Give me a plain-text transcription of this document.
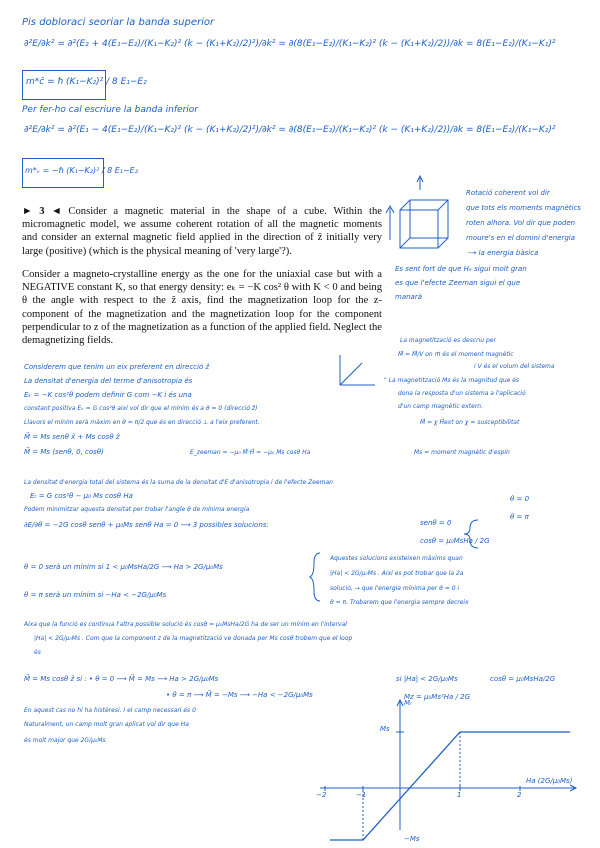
Pis dobloraci seoriar la banda superior
∂²E/∂k² = ∂²(E₂ + 4(E₁−E₂)/(K₁−K₂)² (k − (K₁+K₂)/2)²)/∂k² = ∂(8(E₁−E₂)/(K₁−K₂)² (k − (K₁+K₂)/2))/∂k = 8(E₁−E₂)/(K₁−K₁)²
m*ĉ = ℏ (K₁−K₂)² / 8 E₁−E₂
Per fer-ho cal escriure la banda inferior
∂²E/∂k² = ∂²(E₁ − 4(E₁−E₂)/(K₁−K₂)² (k − (K₁+K₂)/2)²)/∂k² = ∂(8(E₁−E₂)/(K₁−K₂)² (k − (K₁+K₂)/2))/∂k = 8(E₁−E₂)/(K₁−K₂)²
m*ᵥ = −ℏ (K₁−K₂)² / 8 E₁−E₂
► 3 ◄ Consider a magnetic material in the shape of a cube. Within the micromagnetic model, we assume coherent rotation of all the magnetic moments and consider an external magnetic field applied in the direction of ẑ initially very large (positive) (which is the physical meaning of 'very large'?).
Consider a magneto-crystalline energy as the one for the uniaxial case but with a NEGATIVE constant K, so that energy density: eₖ = −K cos² θ with K < 0 and being θ the angle with respect to the ẑ axis, find the magnetization loop for the z-component of the magnetization and the magnetization loop for the component perpendicular to z of the magnetization as a function of the applied field. Neglect the demagnetizing fields.
Rotació coherent vol dir
que tots els moments magnètics
roten alhora. Vol dir que poden
moure's en el domini d'energia
-→ la energia bàsica
Es sent fort de que Hₑ sigui molt gran
es que l'efecte Zeeman sigui el que
manarà
La magnetització es descriu per
M⃗ = M⃗/V on m⃗ és el moment magnètic
i V és el volum del sistema
" La magnetització Ms és la magnitud que és
dona la resposta d'un sistema a l'aplicació
d'un camp magnètic extern.
Considerem que tenim un eix preferent en direcció ẑ
La densitat d'energia del terme d'anisotropia és
Eₖ = −K cos²θ podem definir G com −K i és una
constant positiva Eₖ = G cos²θ així vol dir que el mínim és a θ = 0 (direcció ẑ)
Llavors el mínim serà màxim en θ = π/2 que és en direcció ⊥ a l'eix preferent.	M⃗ = χ H⃗ext on χ = susceptibilitat
M⃗ = Ms senθ x̂ + Ms cosθ ẑ
M⃗ = Ms (senθ, 0, cosθ)	E_zeeman = −μ₀ M⃗·H⃗ = −μ₀ Ms cosθ Ha	Ms = moment magnètic d'espín
La densitat d'energia total del sistema és la suma de la densitat d'E d'anisotropia i de l'efecte Zeeman
Eₜ = G cos²θ − μ₀ Ms cosθ Ha
Podem minimitzar aquesta densitat per trobar l'angle θ de mínima energia
∂E/∂θ = −2G cosθ senθ + μ₀Ms senθ Ha = 0 ⟶ 3 possibles solucions:	senθ = 0
θ = 0
θ = π
cosθ = μ₀MsHa / 2G
θ = 0 serà un mínim si 1 < μ₀MsHa/2G ⟶ Ha > 2G/μ₀Ms
θ = π serà un mínim si −Ha < −2G/μ₀Ms
Aquestes solucions existeixen màxims quan
|Ha| < 2G/μ₀Ms . Així es pot trobar que la 2a
solució, → que l'energia mínima per θ = 0 i
θ = π. Trobarem que l'energia sempre decreix
Aixa que la funció es continua l'altra possible solució és cosθ = μ₀MsHa/2G ha de ser un mínim en l'interval
|Ha| < 2G/μ₀Ms . Com que la component z de la magnetització ve donada per Ms cosθ trobem que el loop
és
M⃗ = Ms cosθ ẑ si : • θ = 0 ⟶ M⃗ = Ms ⟶ Ha > 2G/μ₀Ms
• θ = π ⟶ M⃗ = −Ms ⟶ −Ha < −2G/μ₀Ms
si |Ha| < 2G/μ₀Ms	cosθ = μ₀MsHa/2G
Mz = μ₀Ms²Ha / 2G
En aquest cas no hi ha histèresi. I el camp necessari és 0
Naturalment, un camp molt gran aplicat vol dir que Ha
és molt major que 2G/μ₀Ms
Mᵣ
Ms
Ha (2G/μ₀Ms)
−2	−1	1	2
−Ms
